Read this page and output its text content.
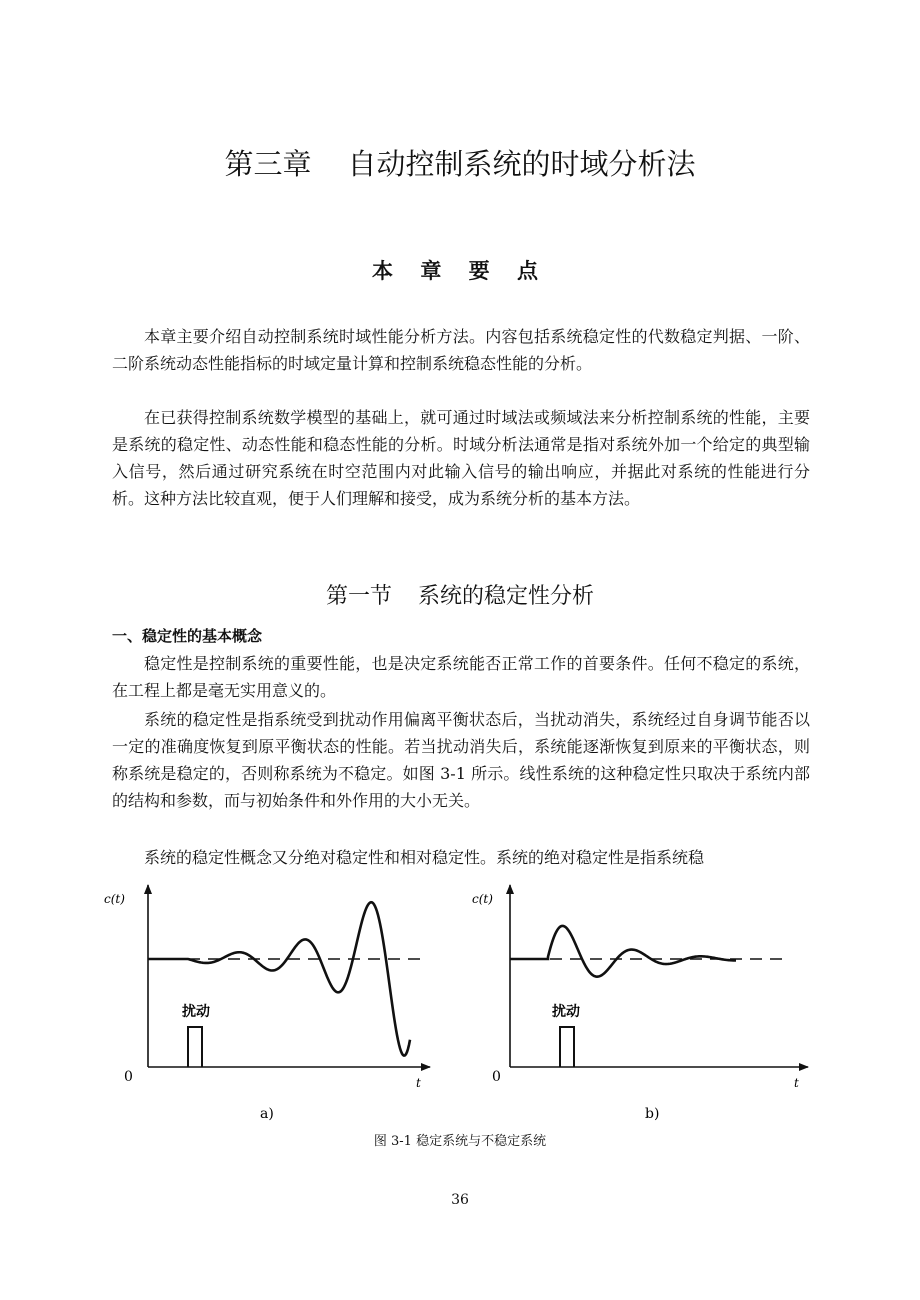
第三章 自动控制系统的时域分析法
本 章 要 点

本章主要介绍自动控制系统时域性能分析方法。内容包括系统稳定性的代数稳定判据、一阶、二阶系统动态性能指标的时域定量计算和控制系统稳态性能的分析。

在已获得控制系统数学模型的基础上，就可通过时域法或频域法来分析控制系统的性能，主要是系统的稳定性、动态性能和稳态性能的分析。时域分析法通常是指对系统外加一个给定的典型输入信号，然后通过研究系统在时空范围内对此输入信号的输出响应，并据此对系统的性能进行分析。这种方法比较直观，便于人们理解和接受，成为系统分析的基本方法。

第一节 系统的稳定性分析
一、稳定性的基本概念

稳定性是控制系统的重要性能，也是决定系统能否正常工作的首要条件。任何不稳定的系统，在工程上都是毫无实用意义的。

系统的稳定性是指系统受到扰动作用偏离平衡状态后，当扰动消失，系统经过自身调节能否以一定的准确度恢复到原平衡状态的性能。若当扰动消失后，系统能逐渐恢复到原来的平衡状态，则称系统是稳定的，否则称系统为不稳定。如图 3-1 所示。线性系统的这种稳定性只取决于系统内部的结构和参数，而与初始条件和外作用的大小无关。

系统的稳定性概念又分绝对稳定性和相对稳定性。系统的绝对稳定性是指系统稳

c(t)
t
0
扰动
a)
c(t)
t
0
扰动
b)
图 3-1 稳定系统与不稳定系统
36
